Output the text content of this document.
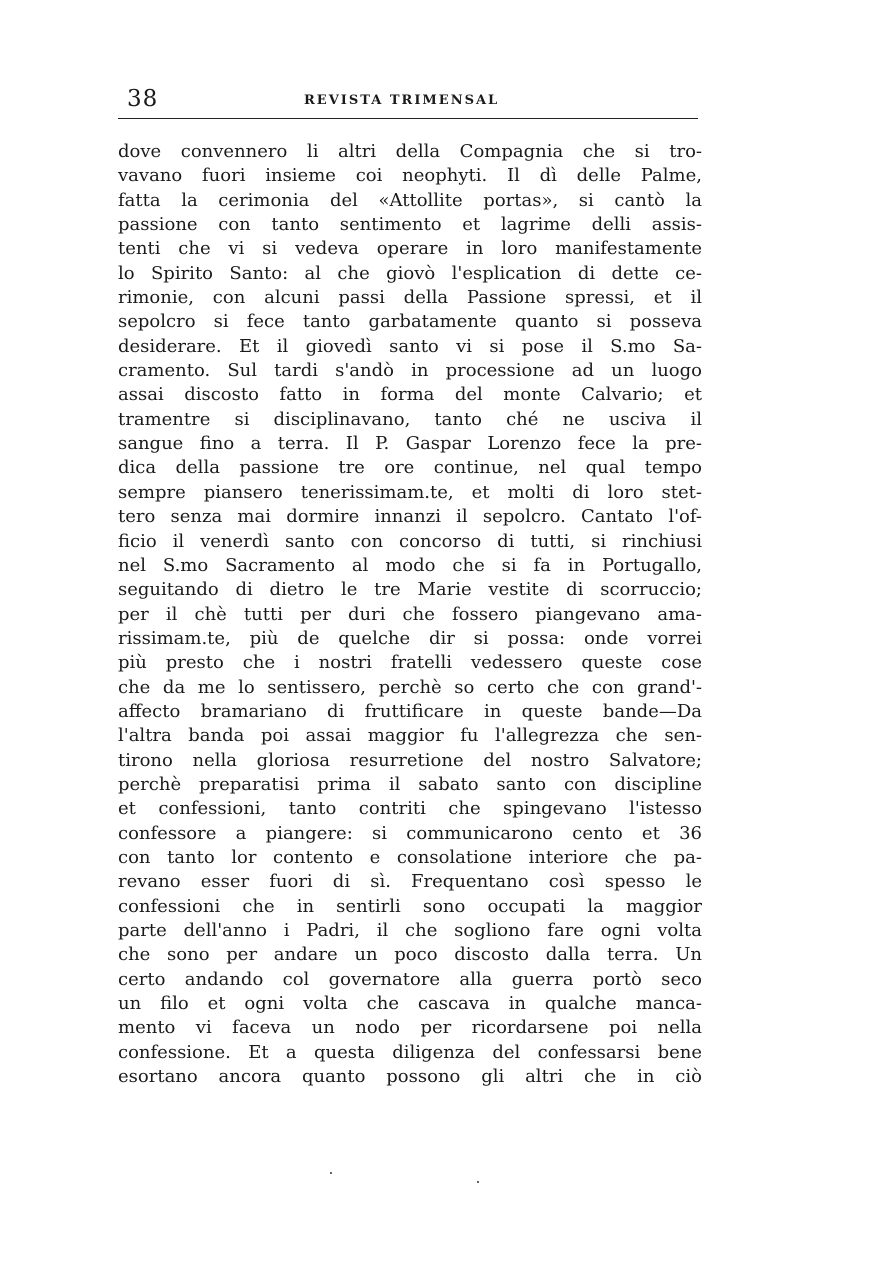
38	REVISTA TRIMENSAL
dove convennero li altri della Compagnia che si tro-
vavano fuori insieme coi neophyti. Il dì delle Palme,
fatta la cerimonia del «Attollite portas», si cantò la
passione con tanto sentimento et lagrime delli assis-
tenti che vi si vedeva operare in loro manifestamente
lo Spirito Santo: al che giovò l'esplication di dette ce-
rimonie, con alcuni passi della Passione spressi, et il
sepolcro si fece tanto garbatamente quanto si posseva
desiderare. Et il giovedì santo vi si pose il S.mo Sa-
cramento. Sul tardi s'andò in processione ad un luogo
assai discosto fatto in forma del monte Calvario; et
tramentre si disciplinavano, tanto ché ne usciva il
sangue fino a terra. Il P. Gaspar Lorenzo fece la pre-
dica della passione tre ore continue, nel qual tempo
sempre piansero tenerissimam.te, et molti di loro stet-
tero senza mai dormire innanzi il sepolcro. Cantato l'of-
ficio il venerdì santo con concorso di tutti, si rinchiusi
nel S.mo Sacramento al modo che si fa in Portugallo,
seguitando di dietro le tre Marie vestite di scorruccio;
per il chè tutti per duri che fossero piangevano ama-
rissimam.te, più de quelche dir si possa: onde vorrei
più presto che i nostri fratelli vedessero queste cose
che da me lo sentissero, perchè so certo che con grand'-
affecto bramariano di fruttificare in queste bande—Da
l'altra banda poi assai maggior fu l'allegrezza che sen-
tirono nella gloriosa resurretione del nostro Salvatore;
perchè preparatisi prima il sabato santo con discipline
et confessioni, tanto contriti che spingevano l'istesso
confessore a piangere: si communicarono cento et 36
con tanto lor contento e consolatione interiore che pa-
revano esser fuori di sì. Frequentano così spesso le
confessioni che in sentirli sono occupati la maggior
parte dell'anno i Padri, il che sogliono fare ogni volta
che sono per andare un poco discosto dalla terra. Un
certo andando col governatore alla guerra portò seco
un filo et ogni volta che cascava in qualche manca-
mento vi faceva un nodo per ricordarsene poi nella
confessione. Et a questa diligenza del confessarsi bene
esortano ancora quanto possono gli altri che in ciò
